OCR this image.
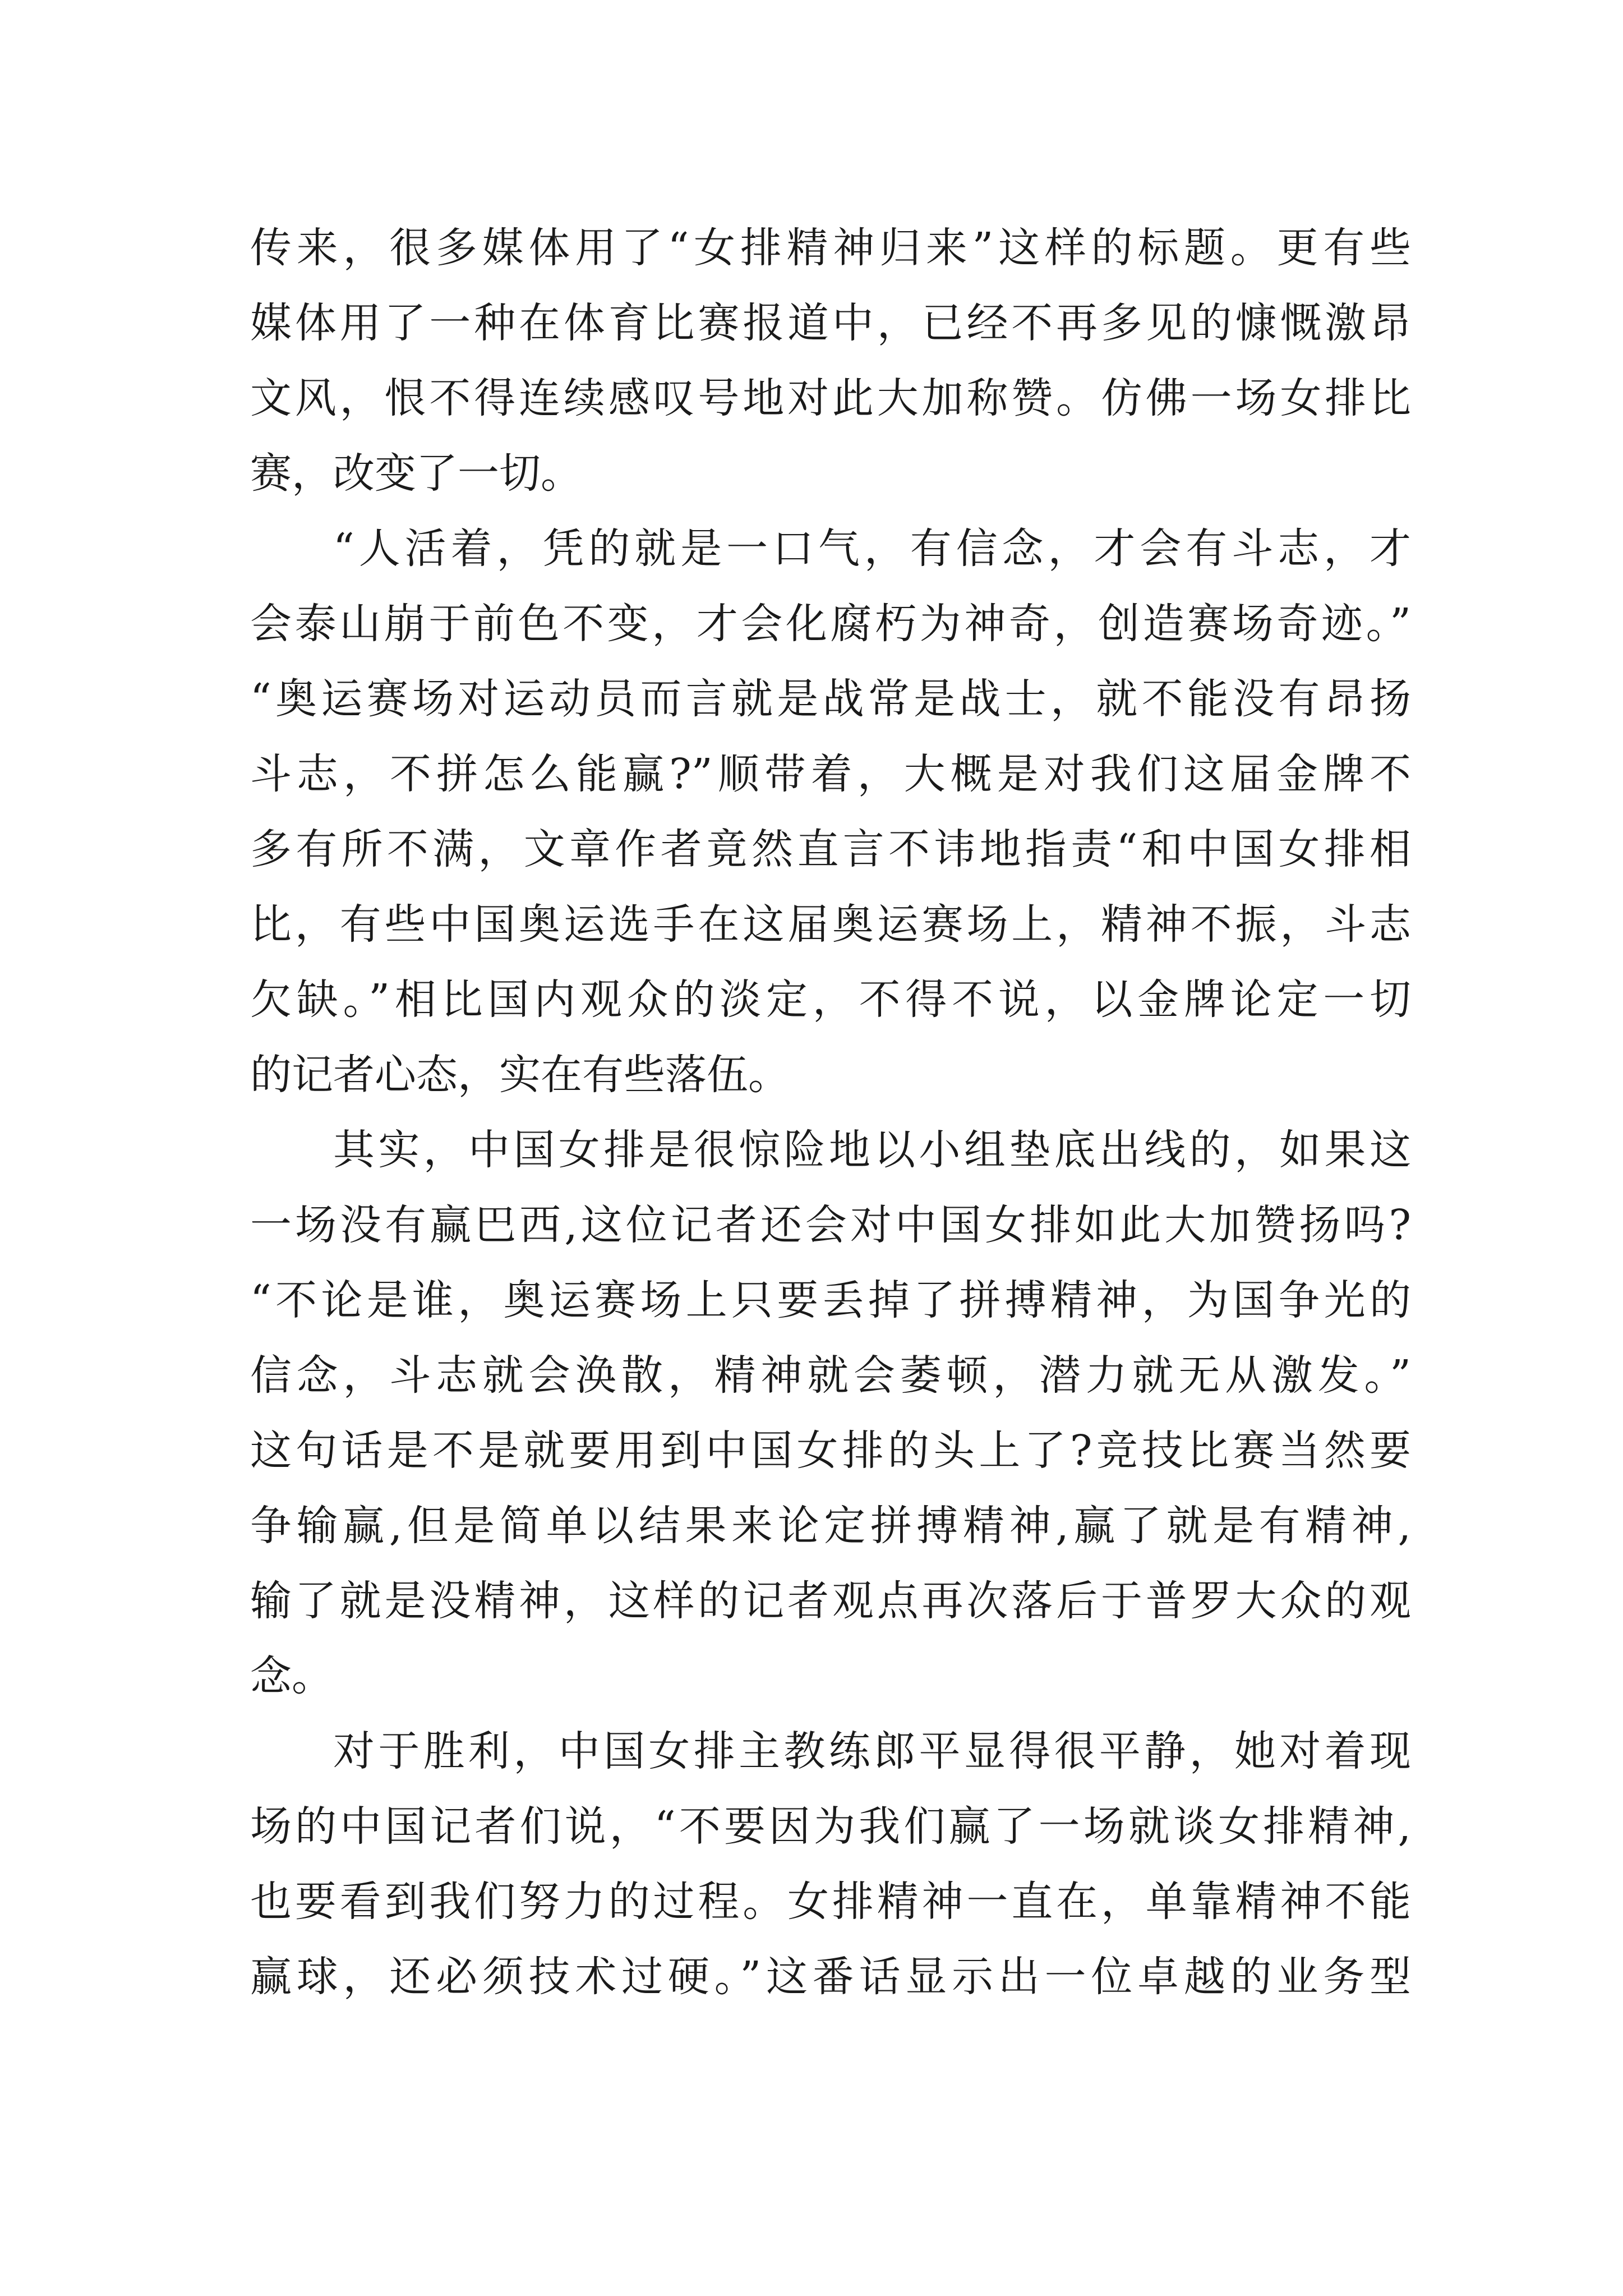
传来，很多媒体用了“女排精神归来”这样的标题。更有些
媒体用了一种在体育比赛报道中，已经不再多见的慷慨激昂
文风，恨不得连续感叹号地对此大加称赞。仿佛一场女排比
赛，改变了一切。
“人活着，凭的就是一口气，有信念，才会有斗志，才
会泰山崩于前色不变，才会化腐朽为神奇，创造赛场奇迹。”
“奥运赛场对运动员而言就是战常是战士，就不能没有昂扬
斗志，不拼怎么能赢?”顺带着，大概是对我们这届金牌不
多有所不满，文章作者竟然直言不讳地指责“和中国女排相
比，有些中国奥运选手在这届奥运赛场上，精神不振，斗志
欠缺。”相比国内观众的淡定，不得不说，以金牌论定一切
的记者心态，实在有些落伍。
其实，中国女排是很惊险地以小组垫底出线的，如果这
一场没有赢巴西,这位记者还会对中国女排如此大加赞扬吗?
“不论是谁，奥运赛场上只要丢掉了拼搏精神，为国争光的
信念，斗志就会涣散，精神就会萎顿，潜力就无从激发。”
这句话是不是就要用到中国女排的头上了?竞技比赛当然要
争输赢,但是简单以结果来论定拼搏精神,赢了就是有精神,
输了就是没精神，这样的记者观点再次落后于普罗大众的观
念。
对于胜利，中国女排主教练郎平显得很平静，她对着现
场的中国记者们说，“不要因为我们赢了一场就谈女排精神,
也要看到我们努力的过程。女排精神一直在，单靠精神不能
赢球，还必须技术过硬。”这番话显示出一位卓越的业务型
